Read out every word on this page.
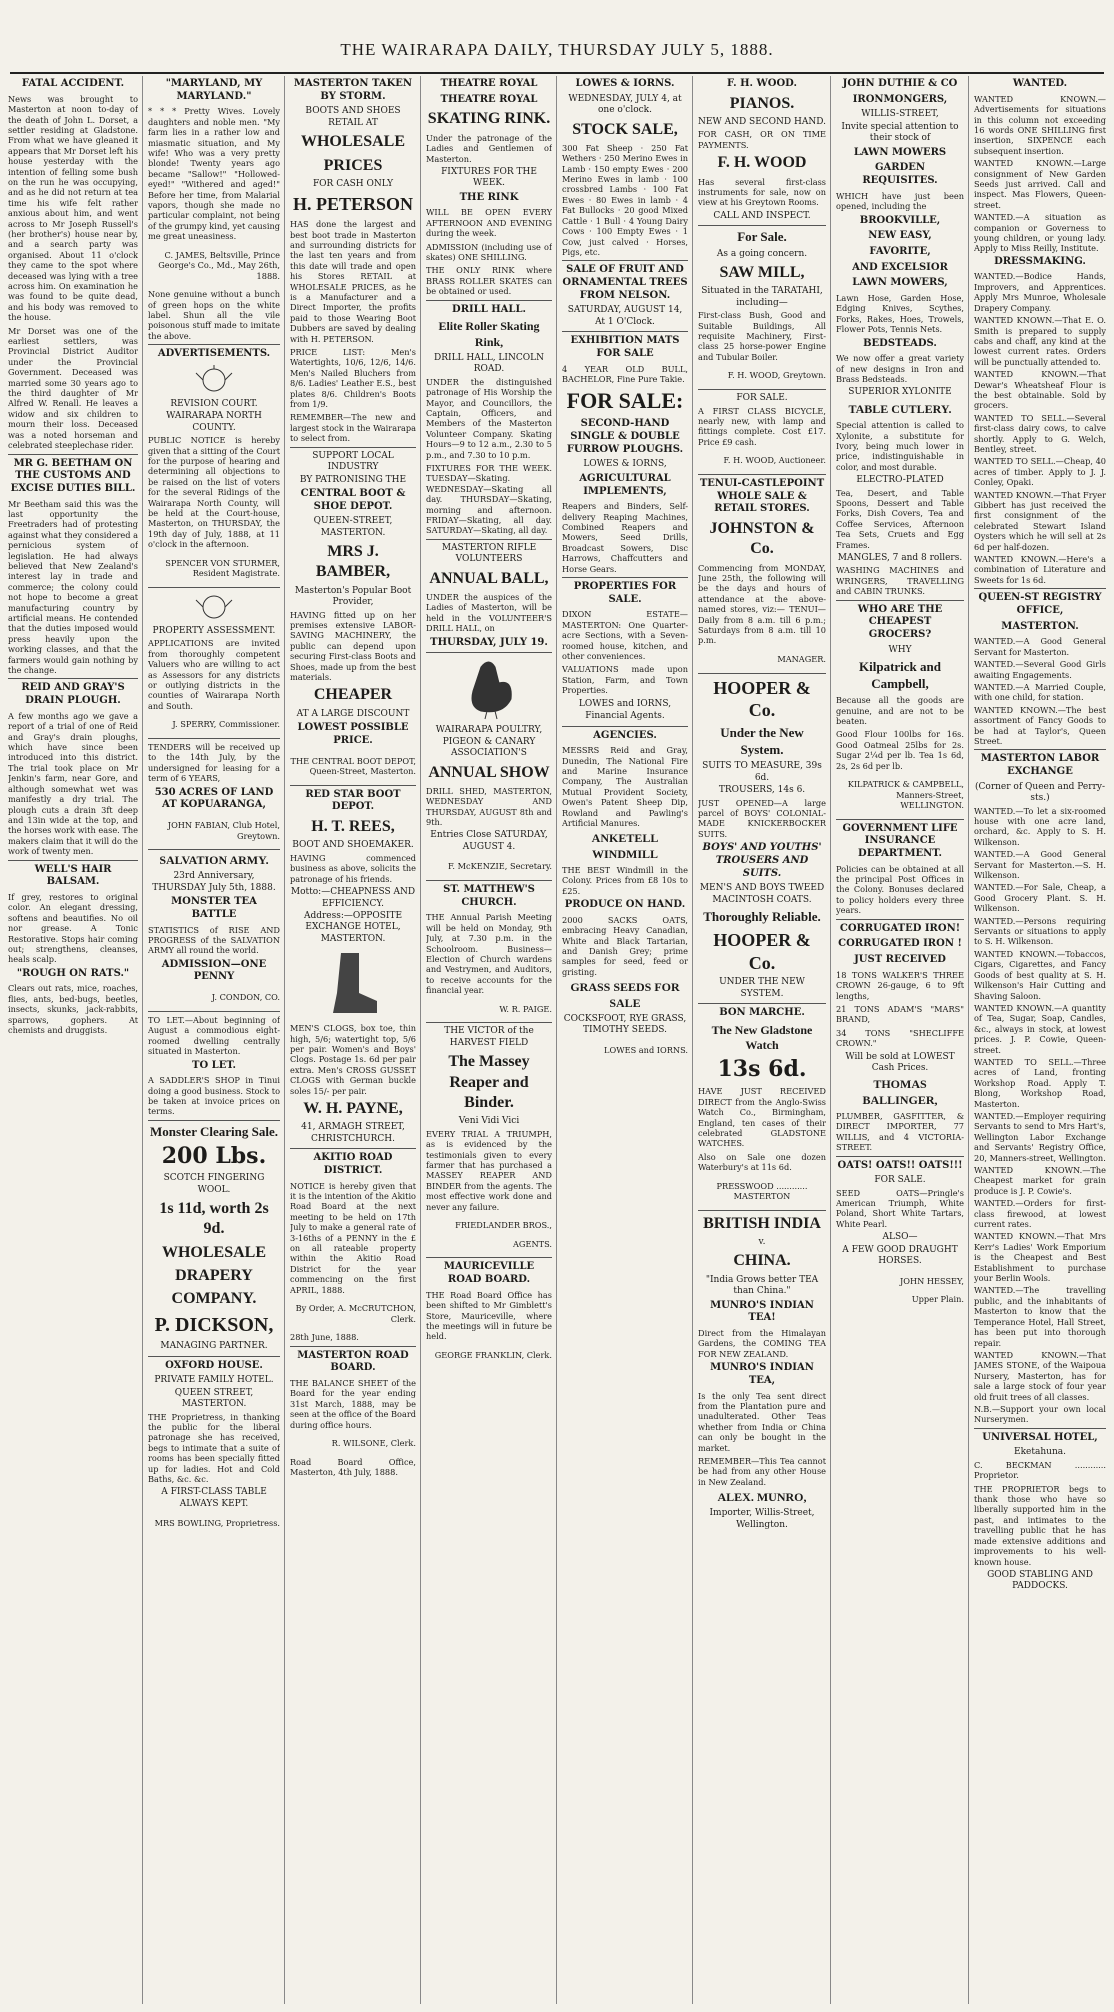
THE WAIRARAPA DAILY, THURSDAY JULY 5, 1888.
FATAL ACCIDENT.

News was brought to Masterton at noon to-day of the death of John L. Dorset, a settler residing at Gladstone. From what we have gleaned it appears that Mr Dorset left his house yesterday with the intention of felling some bush on the run he was occupying, and as he did not return at tea time his wife felt rather anxious about him, and went across to Mr Joseph Russell's (her brother's) house near by, and a search party was organised. About 11 o'clock they came to the spot where deceased was lying with a tree across him. On examination he was found to be quite dead, and his body was removed to the house.

Mr Dorset was one of the earliest settlers, was Provincial District Auditor under the Provincial Government. Deceased was married some 30 years ago to the third daughter of Mr Alfred W. Renall. He leaves a widow and six children to mourn their loss. Deceased was a noted horseman and celebrated steeplechase rider.

MR G. BEETHAM ON THE CUSTOMS AND EXCISE DUTIES BILL.

Mr Beetham said this was the last opportunity the Freetraders had of protesting against what they considered a pernicious system of legislation. He had always believed that New Zealand's interest lay in trade and commerce; the colony could not hope to become a great manufacturing country by artificial means. He contended that the duties imposed would press heavily upon the working classes, and that the farmers would gain nothing by the change.

REID AND GRAY'S DRAIN PLOUGH.

A few months ago we gave a report of a trial of one of Reid and Gray's drain ploughs, which have since been introduced into this district. The trial took place on Mr Jenkin's farm, near Gore, and although somewhat wet was manifestly a dry trial. The plough cuts a drain 3ft deep and 13in wide at the top, and the horses work with ease. The makers claim that it will do the work of twenty men.

WELL'S HAIR BALSAM.

If grey, restores to original color. An elegant dressing, softens and beautifies. No oil nor grease. A Tonic Restorative. Stops hair coming out; strengthens, cleanses, heals scalp.

"ROUGH ON RATS."

Clears out rats, mice, roaches, flies, ants, bed-bugs, beetles, insects, skunks, jack-rabbits, sparrows, gophers. At chemists and druggists.

"MARYLAND, MY MARYLAND."

* * * Pretty Wives. Lovely daughters and noble men. "My farm lies in a rather low and miasmatic situation, and My wife! Who was a very pretty blonde! Twenty years ago became "Sallow!" "Hollowed-eyed!" "Withered and aged!" Before her time, from Malarial vapors, though she made no particular complaint, not being of the grumpy kind, yet causing me great uneasiness.

C. JAMES, Beltsville, Prince George's Co., Md., May 26th, 1888.

None genuine without a bunch of green hops on the white label. Shun all the vile poisonous stuff made to imitate the above.

ADVERTISEMENTS.
REVISION COURT.
WAIRARAPA NORTH COUNTY.

PUBLIC NOTICE is hereby given that a sitting of the Court for the purpose of hearing and determining all objections to be raised on the list of voters for the several Ridings of the Wairarapa North County, will be held at the Court-house, Masterton, on THURSDAY, the 19th day of July, 1888, at 11 o'clock in the afternoon.

SPENCER VON STURMER, Resident Magistrate.

PROPERTY ASSESSMENT.

APPLICATIONS are invited from thoroughly competent Valuers who are willing to act as Assessors for any districts or outlying districts in the counties of Wairarapa North and South.

J. SPERRY, Commissioner.

TENDERS will be received up to the 14th July, by the undersigned for leasing for a term of 6 YEARS,

530 ACRES OF LAND AT KOPUARANGA,

JOHN FABIAN, Club Hotel, Greytown.

SALVATION ARMY.
23rd Anniversary, THURSDAY July 5th, 1888.
MONSTER TEA BATTLE

STATISTICS of RISE AND PROGRESS of the SALVATION ARMY all round the world.

ADMISSION—ONE PENNY

J. CONDON, CO.

TO LET.—About beginning of August a commodious eight-roomed dwelling centrally situated in Masterton.

TO LET.

A SADDLER'S SHOP in Tinui doing a good business. Stock to be taken at invoice prices on terms.

Monster Clearing Sale.
200 Lbs.
SCOTCH FINGERING WOOL.
1s 11d, worth 2s 9d.
WHOLESALE
DRAPERY
COMPANY.
P. DICKSON,
MANAGING PARTNER.
OXFORD HOUSE.
PRIVATE FAMILY HOTEL.
QUEEN STREET, MASTERTON.

THE Proprietress, in thanking the public for the liberal patronage she has received, begs to intimate that a suite of rooms has been specially fitted up for ladies. Hot and Cold Baths, &c. &c.

A FIRST-CLASS TABLE ALWAYS KEPT.

MRS BOWLING, Proprietress.

MASTERTON TAKEN BY STORM.
BOOTS AND SHOES RETAIL AT
WHOLESALE
PRICES
FOR CASH ONLY
H. PETERSON

HAS done the largest and best boot trade in Masterton and surrounding districts for the last ten years and from this date will trade and open his Stores RETAIL at WHOLESALE PRICES, as he is a Manufacturer and a Direct Importer, the profits paid to those Wearing Boot Dubbers are saved by dealing with H. PETERSON.

PRICE LIST: Men's Watertights, 10/6, 12/6, 14/6. Men's Nailed Bluchers from 8/6. Ladies' Leather E.S., best plates 8/6. Children's Boots from 1/9.

REMEMBER—The new and largest stock in the Wairarapa to select from.

SUPPORT LOCAL INDUSTRY
BY PATRONISING THE
CENTRAL BOOT & SHOE DEPOT.
QUEEN-STREET, MASTERTON.
MRS J. BAMBER,
Masterton's Popular Boot Provider,

HAVING fitted up on her premises extensive LABOR-SAVING MACHINERY, the public can depend upon securing First-class Boots and Shoes, made up from the best materials.

CHEAPER
AT A LARGE DISCOUNT
LOWEST POSSIBLE PRICE.

THE CENTRAL BOOT DEPOT, Queen-Street, Masterton.

RED STAR BOOT DEPOT.
H. T. REES,
BOOT AND SHOEMAKER.

HAVING commenced business as above, solicits the patronage of his friends.

Motto:—CHEAPNESS AND EFFICIENCY.
Address:—OPPOSITE EXCHANGE HOTEL, MASTERTON.

MEN'S CLOGS, box toe, thin high, 5/6; watertight top, 5/6 per pair. Women's and Boys' Clogs. Postage 1s. 6d per pair extra. Men's CROSS GUSSET CLOGS with German buckle soles 15/- per pair.

W. H. PAYNE,
41, ARMAGH STREET, CHRISTCHURCH.
AKITIO ROAD DISTRICT.

NOTICE is hereby given that it is the intention of the Akitio Road Board at the next meeting to be held on 17th July to make a general rate of 3-16ths of a PENNY in the £ on all rateable property within the Akitio Road District for the year commencing on the first APRIL, 1888.

By Order, A. McCRUTCHON, Clerk.

28th June, 1888.

MASTERTON ROAD BOARD.

THE BALANCE SHEET of the Board for the year ending 31st March, 1888, may be seen at the office of the Board during office hours.

R. WILSONE, Clerk.

Road Board Office, Masterton, 4th July, 1888.

THEATRE ROYAL
THEATRE ROYAL
SKATING RINK.

Under the patronage of the Ladies and Gentlemen of Masterton.

FIXTURES FOR THE WEEK.
THE RINK

WILL BE OPEN EVERY AFTERNOON AND EVENING during the week.

ADMISSION (including use of skates) ONE SHILLING.

THE ONLY RINK where BRASS ROLLER SKATES can be obtained or used.

DRILL HALL.
Elite Roller Skating Rink,
DRILL HALL, LINCOLN ROAD.

UNDER the distinguished patronage of His Worship the Mayor, and Councillors, the Captain, Officers, and Members of the Masterton Volunteer Company. Skating Hours—9 to 12 a.m., 2.30 to 5 p.m., and 7.30 to 10 p.m.

FIXTURES FOR THE WEEK. TUESDAY—Skating. WEDNESDAY—Skating all day. THURSDAY—Skating, morning and afternoon. FRIDAY—Skating, all day. SATURDAY—Skating, all day.

MASTERTON RIFLE VOLUNTEERS
ANNUAL BALL,

UNDER the auspices of the Ladies of Masterton, will be held in the VOLUNTEER'S DRILL HALL, on

THURSDAY, JULY 19.
WAIRARAPA POULTRY, PIGEON & CANARY ASSOCIATION'S
ANNUAL SHOW

DRILL SHED, MASTERTON, WEDNESDAY AND THURSDAY, AUGUST 8th and 9th.

Entries Close SATURDAY, AUGUST 4.

F. McKENZIE, Secretary.

ST. MATTHEW'S CHURCH.

THE Annual Parish Meeting will be held on Monday, 9th July, at 7.30 p.m. in the Schoolroom. Business—Election of Church wardens and Vestrymen, and Auditors, to receive accounts for the financial year.

W. R. PAIGE.

THE VICTOR of the HARVEST FIELD
The Massey Reaper and Binder.
Veni Vidi Vici

EVERY TRIAL A TRIUMPH, as is evidenced by the testimonials given to every farmer that has purchased a MASSEY REAPER AND BINDER from the agents. The most effective work done and never any failure.

FRIEDLANDER BROS.,

AGENTS.

MAURICEVILLE ROAD BOARD.

THE Road Board Office has been shifted to Mr Gimblett's Store, Mauriceville, where the meetings will in future be held.

GEORGE FRANKLIN, Clerk.

LOWES & IORNS.
WEDNESDAY, JULY 4, at one o'clock.
STOCK SALE,

300 Fat Sheep · 250 Fat Wethers · 250 Merino Ewes in Lamb · 150 empty Ewes · 200 Merino Ewes in lamb · 100 crossbred Lambs · 100 Fat Ewes · 80 Ewes in lamb · 4 Fat Bullocks · 20 good Mixed Cattle · 1 Bull · 4 Young Dairy Cows · 100 Empty Ewes · 1 Cow, just calved · Horses, Pigs, etc.

SALE OF FRUIT AND ORNAMENTAL TREES FROM NELSON.
SATURDAY, AUGUST 14, At 1 O'Clock.
EXHIBITION MATS FOR SALE

4 YEAR OLD BULL, BACHELOR, Fine Pure Takie.

FOR SALE:
SECOND-HAND SINGLE & DOUBLE FURROW PLOUGHS.
LOWES & IORNS,
AGRICULTURAL IMPLEMENTS,

Reapers and Binders, Self-delivery Reaping Machines, Combined Reapers and Mowers, Seed Drills, Broadcast Sowers, Disc Harrows, Chaffcutters and Horse Gears.

PROPERTIES FOR SALE.

DIXON ESTATE—MASTERTON: One Quarter-acre Sections, with a Seven-roomed house, kitchen, and other conveniences.

VALUATIONS made upon Station, Farm, and Town Properties.

LOWES and IORNS,
Financial Agents.
AGENCIES.

MESSRS Reid and Gray, Dunedin, The National Fire and Marine Insurance Company, The Australian Mutual Provident Society, Owen's Patent Sheep Dip, Rowland and Pawling's Artificial Manures.

ANKETELL WINDMILL

THE BEST Windmill in the Colony. Prices from £8 10s to £25.

PRODUCE ON HAND.

2000 SACKS OATS, embracing Heavy Canadian, White and Black Tartarian, and Danish Grey; prime samples for seed, feed or gristing.

GRASS SEEDS FOR SALE
COCKSFOOT, RYE GRASS, TIMOTHY SEEDS.

LOWES and IORNS.

F. H. WOOD.
PIANOS.
NEW AND SECOND HAND.

FOR CASH, OR ON TIME PAYMENTS.

F. H. WOOD

Has several first-class instruments for sale, now on view at his Greytown Rooms.

CALL AND INSPECT.
For Sale.
As a going concern.
SAW MILL,
Situated in the TARATAHI, including—

First-class Bush, Good and Suitable Buildings, All requisite Machinery, First-class 25 horse-power Engine and Tubular Boiler.

F. H. WOOD, Greytown.

FOR SALE.

A FIRST CLASS BICYCLE, nearly new, with lamp and fittings complete. Cost £17. Price £9 cash.

F. H. WOOD, Auctioneer.

TENUI-CASTLEPOINT WHOLE SALE & RETAIL STORES.
JOHNSTON & Co.

Commencing from MONDAY, June 25th, the following will be the days and hours of attendance at the above-named stores, viz:— TENUI—Daily from 8 a.m. till 6 p.m.; Saturdays from 8 a.m. till 10 p.m.

MANAGER.

HOOPER & Co.
Under the New System.
SUITS TO MEASURE, 39s 6d.
TROUSERS, 14s 6.

JUST OPENED—A large parcel of BOYS' COLONIAL-MADE KNICKERBOCKER SUITS.

BOYS' AND YOUTHS' TROUSERS AND SUITS.
MEN'S AND BOYS TWEED MACINTOSH COATS.
Thoroughly Reliable.
HOOPER & Co.
UNDER THE NEW SYSTEM.
BON MARCHE.
The New Gladstone Watch
13s 6d.

HAVE JUST RECEIVED DIRECT from the Anglo-Swiss Watch Co., Birmingham, England, ten cases of their celebrated GLADSTONE WATCHES.

Also on Sale one dozen Waterbury's at 11s 6d.

PRESSWOOD ............ MASTERTON

BRITISH INDIA
v.
CHINA.
"India Grows better TEA than China."
MUNRO'S INDIAN TEA!

Direct from the Himalayan Gardens, the COMING TEA FOR NEW ZEALAND.

MUNRO'S INDIAN TEA,

Is the only Tea sent direct from the Plantation pure and unadulterated. Other Teas whether from India or China can only be bought in the market.

REMEMBER—This Tea cannot be had from any other House in New Zealand.

ALEX. MUNRO,
Importer, Willis-Street, Wellington.
JOHN DUTHIE & CO
IRONMONGERS,
WILLIS-STREET,
Invite special attention to their stock of
LAWN MOWERS
GARDEN REQUISITES.

WHICH have just been opened, including the

BROOKVILLE,
NEW EASY,
FAVORITE,
AND EXCELSIOR
LAWN MOWERS,

Lawn Hose, Garden Hose, Edging Knives, Scythes, Forks, Rakes, Hoes, Trowels, Flower Pots, Tennis Nets.

BEDSTEADS.

We now offer a great variety of new designs in Iron and Brass Bedsteads.

SUPERIOR XYLONITE
TABLE CUTLERY.

Special attention is called to Xylonite, a substitute for Ivory, being much lower in price, indistinguishable in color, and most durable.

ELECTRO-PLATED

Tea, Desert, and Table Spoons, Dessert and Table Forks, Dish Covers, Tea and Coffee Services, Afternoon Tea Sets, Cruets and Egg Frames.

MANGLES, 7 and 8 rollers.

WASHING MACHINES and WRINGERS, TRAVELLING and CABIN TRUNKS.

WHO ARE THE CHEAPEST GROCERS?
WHY
Kilpatrick and Campbell,

Because all the goods are genuine, and are not to be beaten.

Good Flour 100lbs for 16s. Good Oatmeal 25lbs for 2s. Sugar 2¼d per lb. Tea 1s 6d, 2s, 2s 6d per lb.

KILPATRICK & CAMPBELL, Manners-Street, WELLINGTON.

GOVERNMENT LIFE INSURANCE DEPARTMENT.

Policies can be obtained at all the principal Post Offices in the Colony. Bonuses declared to policy holders every three years.

CORRUGATED IRON!
CORRUGATED IRON !
JUST RECEIVED

18 TONS WALKER'S THREE CROWN 26-gauge, 6 to 9ft lengths,

21 TONS ADAM'S "MARS" BRAND,

34 TONS "SHECLIFFE CROWN."

Will be sold at LOWEST Cash Prices.
THOMAS BALLINGER,

PLUMBER, GASFITTER, & DIRECT IMPORTER, 77 WILLIS, and 4 VICTORIA-STREET.

OATS! OATS!! OATS!!!
FOR SALE.

SEED OATS—Pringle's American Triumph, White Poland, Short White Tartars, White Pearl.

ALSO—
A FEW GOOD DRAUGHT HORSES.

JOHN HESSEY,

Upper Plain.

WANTED.

WANTED KNOWN.—Advertisements for situations in this column not exceeding 16 words ONE SHILLING first insertion, SIXPENCE each subsequent insertion.

WANTED KNOWN.—Large consignment of New Garden Seeds just arrived. Call and inspect. Mas Flowers, Queen-street.

WANTED.—A situation as companion or Governess to young children, or young lady. Apply to Miss Reilly, Institute.

DRESSMAKING.

WANTED.—Bodice Hands, Improvers, and Apprentices. Apply Mrs Munroe, Wholesale Drapery Company.

WANTED KNOWN.—That E. O. Smith is prepared to supply cabs and chaff, any kind at the lowest current rates. Orders will be punctually attended to.

WANTED KNOWN.—That Dewar's Wheatsheaf Flour is the best obtainable. Sold by grocers.

WANTED TO SELL.—Several first-class dairy cows, to calve shortly. Apply to G. Welch, Bentley, street.

WANTED TO SELL.—Cheap, 40 acres of timber. Apply to J. J. Conley, Opaki.

WANTED KNOWN.—That Fryer Gibbert has just received the first consignment of the celebrated Stewart Island Oysters which he will sell at 2s 6d per half-dozen.

WANTED KNOWN.—Here's a combination of Literature and Sweets for 1s 6d.

QUEEN-ST REGISTRY OFFICE,
MASTERTON.

WANTED.—A Good General Servant for Masterton.

WANTED.—Several Good Girls awaiting Engagements.

WANTED.—A Married Couple, with one child, for station.

WANTED KNOWN.—The best assortment of Fancy Goods to be had at Taylor's, Queen Street.

MASTERTON LABOR EXCHANGE
(Corner of Queen and Perry-sts.)

WANTED.—To let a six-roomed house with one acre land, orchard, &c. Apply to S. H. Wilkenson.

WANTED.—A Good General Servant for Masterton.—S. H. Wilkenson.

WANTED.—For Sale, Cheap, a Good Grocery Plant. S. H. Wilkenson.

WANTED.—Persons requiring Servants or situations to apply to S. H. Wilkenson.

WANTED KNOWN.—Tobaccos, Cigars, Cigarettes, and Fancy Goods of best quality at S. H. Wilkenson's Hair Cutting and Shaving Saloon.

WANTED KNOWN.—A quantity of Tea, Sugar, Soap, Candles, &c., always in stock, at lowest prices. J. P. Cowie, Queen-street.

WANTED TO SELL.—Three acres of Land, fronting Workshop Road. Apply T. Blong, Workshop Road, Masterton.

WANTED.—Employer requiring Servants to send to Mrs Hart's, Wellington Labor Exchange and Servants' Registry Office, 20, Manners-street, Wellington.

WANTED KNOWN.—The Cheapest market for grain produce is J. P. Cowie's.

WANTED.—Orders for first-class firewood, at lowest current rates.

WANTED KNOWN.—That Mrs Kerr's Ladies' Work Emporium is the Cheapest and Best Establishment to purchase your Berlin Wools.

WANTED.—The travelling public, and the inhabitants of Masterton to know that the Temperance Hotel, Hall Street, has been put into thorough repair.

WANTED KNOWN.—That JAMES STONE, of the Waipoua Nursery, Masterton, has for sale a large stock of four year old fruit trees of all classes.

N.B.—Support your own local Nurserymen.

UNIVERSAL HOTEL,
Eketahuna.

C. BECKMAN ............ Proprietor.

THE PROPRIETOR begs to thank those who have so liberally supported him in the past, and intimates to the travelling public that he has made extensive additions and improvements to his well-known house.

GOOD STABLING AND PADDOCKS.
